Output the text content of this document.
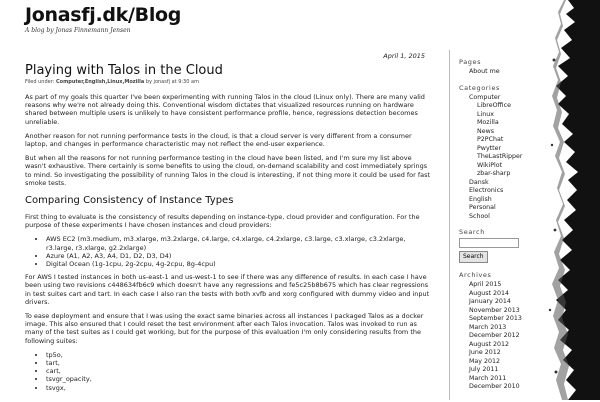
Jonasfj.dk/Blog
A blog by Jonas Finnemann Jensen
April 1, 2015
Playing with Talos in the Cloud
Filed under: Computer,English,Linux,Mozilla by jonasfj at 9:30 am

As part of my goals this quarter I've been experimenting with running Talos in the cloud (Linux only). There are many valid reasons why we're not already doing this. Conventional wisdom dictates that visualized resources running on hardware shared between multiple users is unlikely to have consistent performance profile, hence, regressions detection becomes unreliable.

Another reason for not running performance tests in the cloud, is that a cloud server is very different from a consumer laptop, and changes in performance characteristic may not reflect the end-user experience.

But when all the reasons for not running performance testing in the cloud have been listed, and I'm sure my list above wasn't exhaustive. There certainly is some benefits to using the cloud, on-demand scalability and cost immediately springs to mind. So investigating the possibility of running Talos in the cloud is interesting, if not thing more it could be used for fast smoke tests.

Comparing Consistency of Instance Types

First thing to evaluate is the consistency of results depending on instance-type, cloud provider and configuration. For the purpose of these experiments I have chosen instances and cloud providers:

• AWS EC2 (m3.medium, m3.xlarge, m3.2xlarge, c4.large, c4.xlarge, c4.2xlarge, c3.large, c3.xlarge, c3.2xlarge, r3.large, r3.xlarge, g2.2xlarge)
• Azure (A1, A2, A3, A4, D1, D2, D3, D4)
• Digital Ocean (1g-1cpu, 2g-2cpu, 4g-2cpu, 8g-4cpu)

For AWS I tested instances in both us-east-1 and us-west-1 to see if there was any difference of results. In each case I have been using two revisions c448634fb6c9 which doesn't have any regressions and fe5c25b8b675 which has clear regressions in test suites cart and tart. In each case I also ran the tests with both xvfb and xorg configured with dummy video and input drivers.

To ease deployment and ensure that I was using the exact same binaries across all instances I packaged Talos as a docker image. This also ensured that I could reset the test environment after each Talos invocation. Talos was invoked to run as many of the test suites as I could get working, but for the purpose of this evaluation I'm only considering results from the following suites:

• tp5o,
• tart,
• cart,
• tsvgr_opacity,
• tsvgx,
Pages
About me
Categories
Computer
LibreOffice
Linux
Mozilla
News
P2PChat
Pwytter
TheLastRipper
WikiPlot
zbar-sharp
Dansk
Electronics
English
Personal
School
Search
Search
Archives
April 2015
August 2014
January 2014
November 2013
September 2013
March 2013
December 2012
August 2012
June 2012
May 2012
July 2011
March 2011
December 2010
